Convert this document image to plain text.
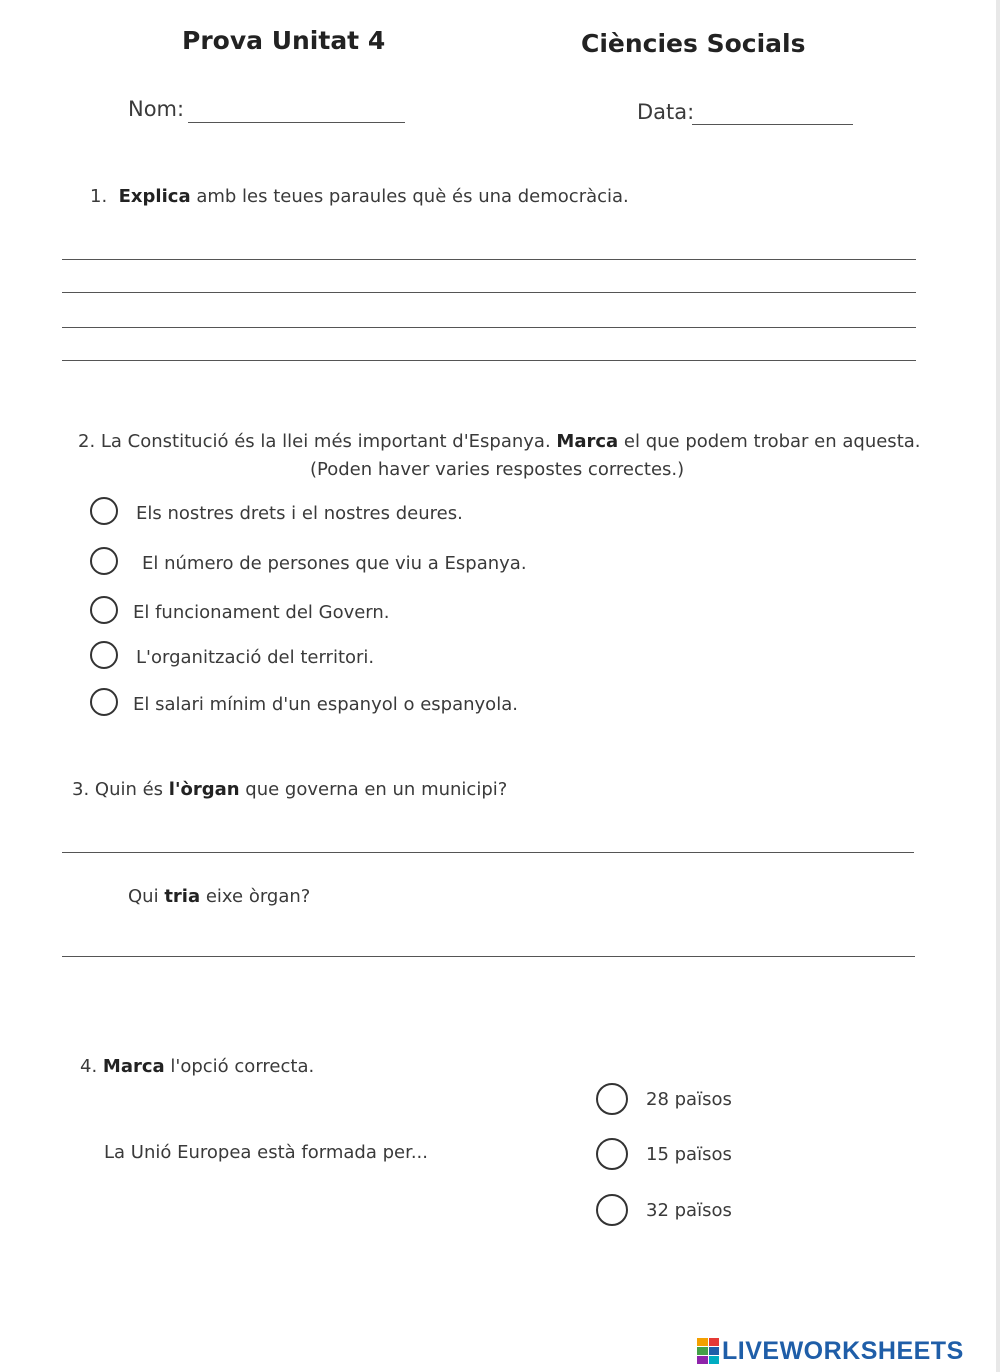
Prova Unitat 4	Ciències Socials
Nom:	Data:
1. Explica amb les teues paraules què és una democràcia.
2. La Constitució és la llei més important d'Espanya. Marca el que podem trobar en aquesta.
(Poden haver varies respostes correctes.)
Els nostres drets i el nostres deures.
El número de persones que viu a Espanya.
El funcionament del Govern.
L'organització del territori.
El salari mínim d'un espanyol o espanyola.
3. Quin és l'òrgan que governa en un municipi?
Qui tria eixe òrgan?
4. Marca l'opció correcta.
La Unió Europea està formada per...
28 països
15 països
32 països
LIVEWORKSHEETS
